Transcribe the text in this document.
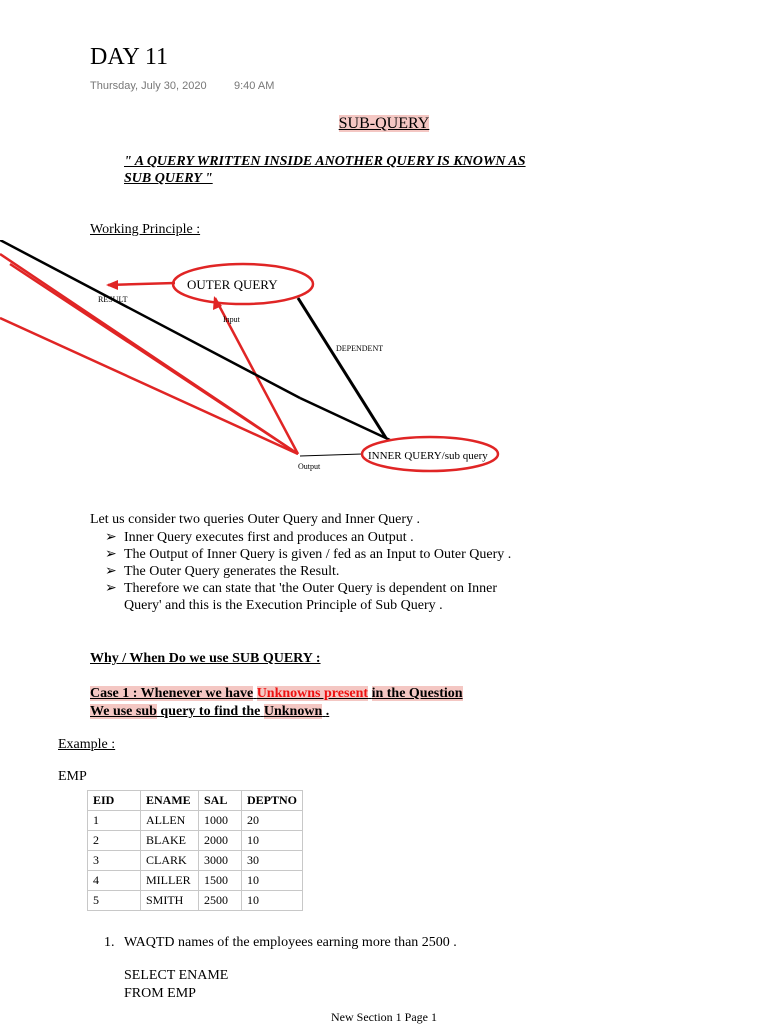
DAY 11
Thursday, July 30, 2020 9:40 AM
SUB-QUERY
" A QUERY WRITTEN INSIDE ANOTHER QUERY IS KNOWN AS SUB QUERY "
Working Principle :
OUTER QUERY
INNER QUERY/sub query
RESULT
Input
DEPENDENT
Output
Let us consider two queries Outer Query and Inner Query .
➢ Inner Query executes first and produces an Output .
➢ The Output of Inner Query is given / fed as an Input to Outer Query .
➢ The Outer Query generates the Result.
➢ Therefore we can state that 'the Outer Query is dependent on Inner Query' and this is the Execution Principle of Sub Query .
Why / When Do we use SUB QUERY :
Case 1 : Whenever we have Unknowns present in the Question
We use sub query to find the Unknown .
Example :
EMP
EID	ENAME	SAL	DEPTNO
1	ALLEN	1000	20
2	BLAKE	2000	10
3	CLARK	3000	30
4	MILLER	1500	10
5	SMITH	2500	10
1. WAQTD names of the employees earning more than 2500 .
SELECT ENAME
FROM EMP
New Section 1 Page 1
